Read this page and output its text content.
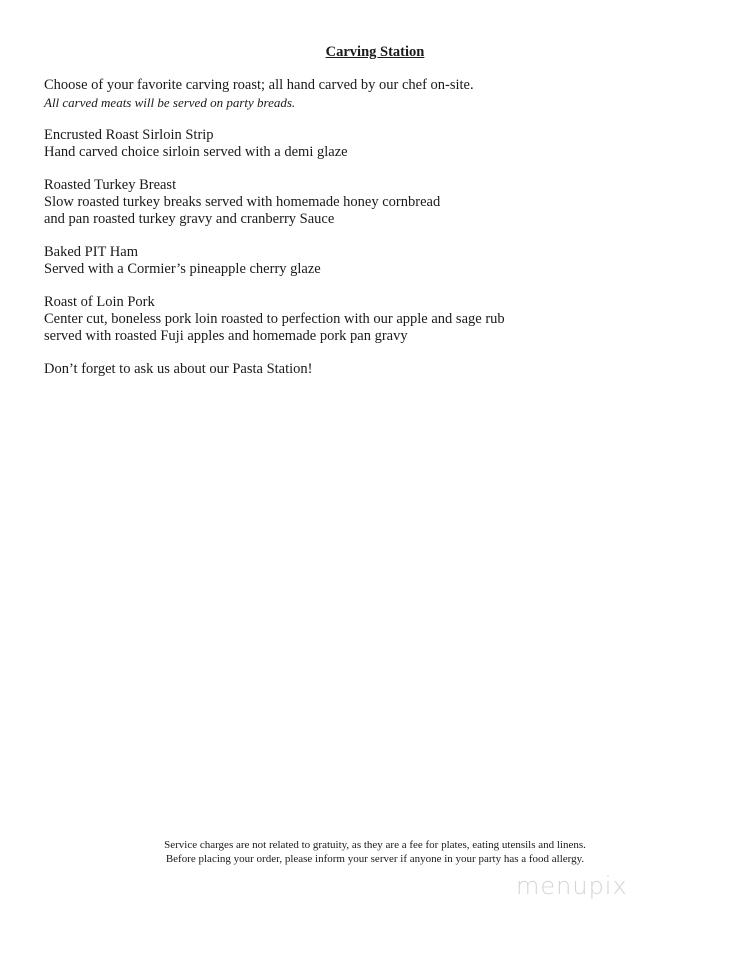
Carving Station

Choose of your favorite carving roast; all hand carved by our chef on-site.

All carved meats will be served on party breads.

Encrusted Roast Sirloin Strip

Hand carved choice sirloin served with a demi glaze

Roasted Turkey Breast

Slow roasted turkey breaks served with homemade honey cornbread

and pan roasted turkey gravy and cranberry Sauce

Baked PIT Ham

Served with a Cormier’s pineapple cherry glaze

Roast of Loin Pork

Center cut, boneless pork loin roasted to perfection with our apple and sage rub

served with roasted Fuji apples and homemade pork pan gravy

Don’t forget to ask us about our Pasta Station!

Service charges are not related to gratuity, as they are a fee for plates, eating utensils and linens.
Before placing your order, please inform your server if anyone in your party has a food allergy.
menupix
